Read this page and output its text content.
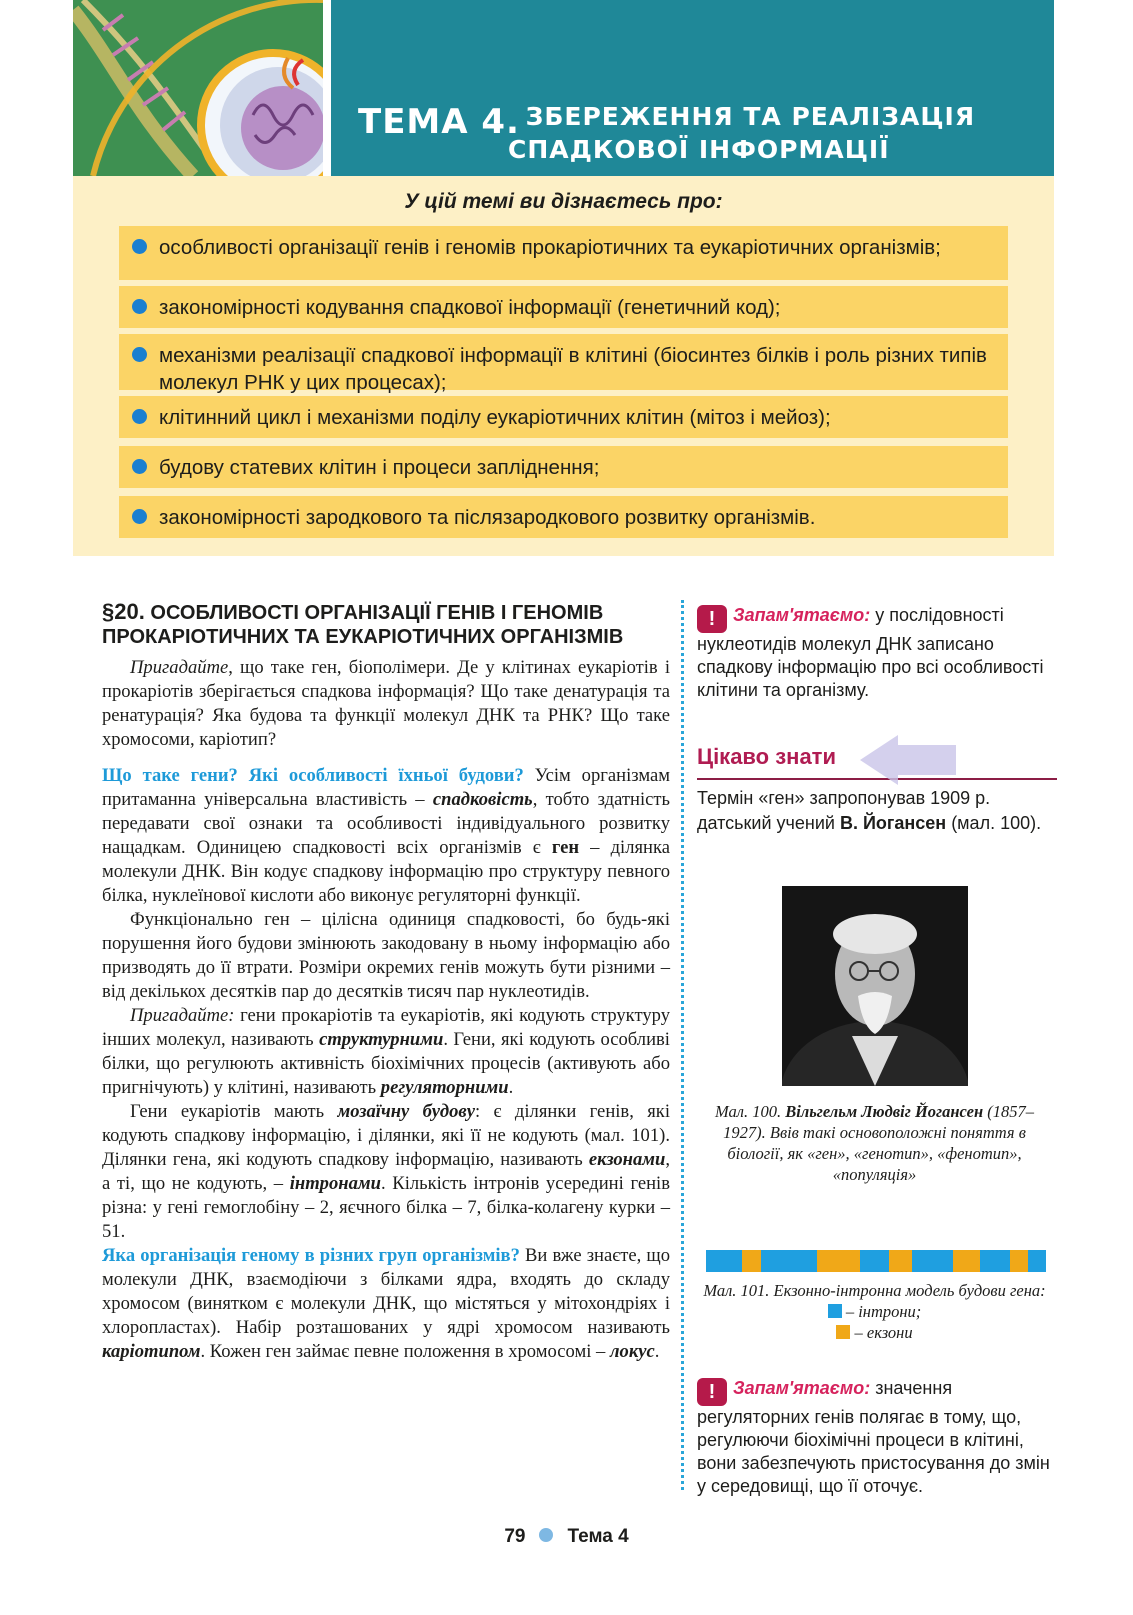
ТЕМА 4. ЗБЕРЕЖЕННЯ ТА РЕАЛІЗАЦІЯ
СПАДКОВОЇ ІНФОРМАЦІЇ
У цій темі ви дізнаєтесь про:
особливості організації генів і геномів прокаріотичних та еукаріотичних організмів;
закономірності кодування спадкової інформації (генетичний код);
механізми реалізації спадкової інформації в клітині (біосинтез білків і роль різних типів молекул РНК у цих процесах);
клітинний цикл і механізми поділу еукаріотичних клітин (мітоз і мейоз);
будову статевих клітин і процеси запліднення;
закономірності зародкового та післязародкового розвитку організмів.
§20. ОСОБЛИВОСТІ ОРГАНІЗАЦІЇ ГЕНІВ І ГЕНОМІВ ПРОКАРІОТИЧНИХ ТА ЕУКАРІОТИЧНИХ ОРГАНІЗМІВ

Пригадайте, що таке ген, біополімери. Де у клітинах еукаріотів і прокаріотів зберігається спадкова інформація? Що таке денатурація та ренатурація? Яка будова та функції молекул ДНК та РНК? Що таке хромосоми, каріотип?

Що таке гени? Які особливості їхньої будови? Усім організмам притаманна універсальна властивість – спадковість, тобто здатність передавати свої ознаки та особливості індивідуального розвитку нащадкам. Одиницею спадковості всіх організмів є ген – ділянка молекули ДНК. Він кодує спадкову інформацію про структуру певного білка, нуклеїнової кислоти або виконує регуляторні функції.

Функціонально ген – цілісна одиниця спадковості, бо будь-які порушення його будови змінюють закодовану в ньому інформацію або призводять до її втрати. Розміри окремих генів можуть бути різними – від декількох десятків пар до десятків тисяч пар нуклеотидів.

Пригадайте: гени прокаріотів та еукаріотів, які кодують структуру інших молекул, називають структурними. Гени, які кодують особливі білки, що регулюють активність біохімічних процесів (активують або пригнічують) у клітині, називають регуляторними.

Гени еукаріотів мають мозаїчну будову: є ділянки генів, які кодують спадкову інформацію, і ділянки, які її не кодують (мал. 101). Ділянки гена, які кодують спадкову інформацію, називають екзонами, а ті, що не кодують, – інтронами. Кількість інтронів усередині генів різна: у гені гемоглобіну – 2, яєчного білка – 7, білка-колагену курки – 51.

Яка організація геному в різних груп організмів? Ви вже знаєте, що молекули ДНК, взаємодіючи з білками ядра, входять до складу хромосом (винятком є молекули ДНК, що містяться у мітохондріях і хлоропластах). Набір розташованих у ядрі хромосом називають каріотипом. Кожен ген займає певне положення в хромосомі – локус.

! Запам'ятаємо: у послідовності нуклеотидів молекул ДНК записано спадкову інформацію про всі особливості клітини та організму.
Цікаво знати
Термін «ген» запропонував 1909 р. датський учений В. Йогансен (мал. 100).
Мал. 100. Вільгельм Людвіг Йогансен (1857–1927). Ввів такі основоположні поняття в біології, як «ген», «генотип», «фенотип», «популяція»
Мал. 101. Екзонно-інтронна модель будови гена:  – інтрони;
– екзони
! Запам'ятаємо: значення регуляторних генів полягає в тому, що, регулюючи біохімічні процеси в клітині, вони забезпечують пристосування до змін у середовищі, що її оточує.
79 Тема 4
